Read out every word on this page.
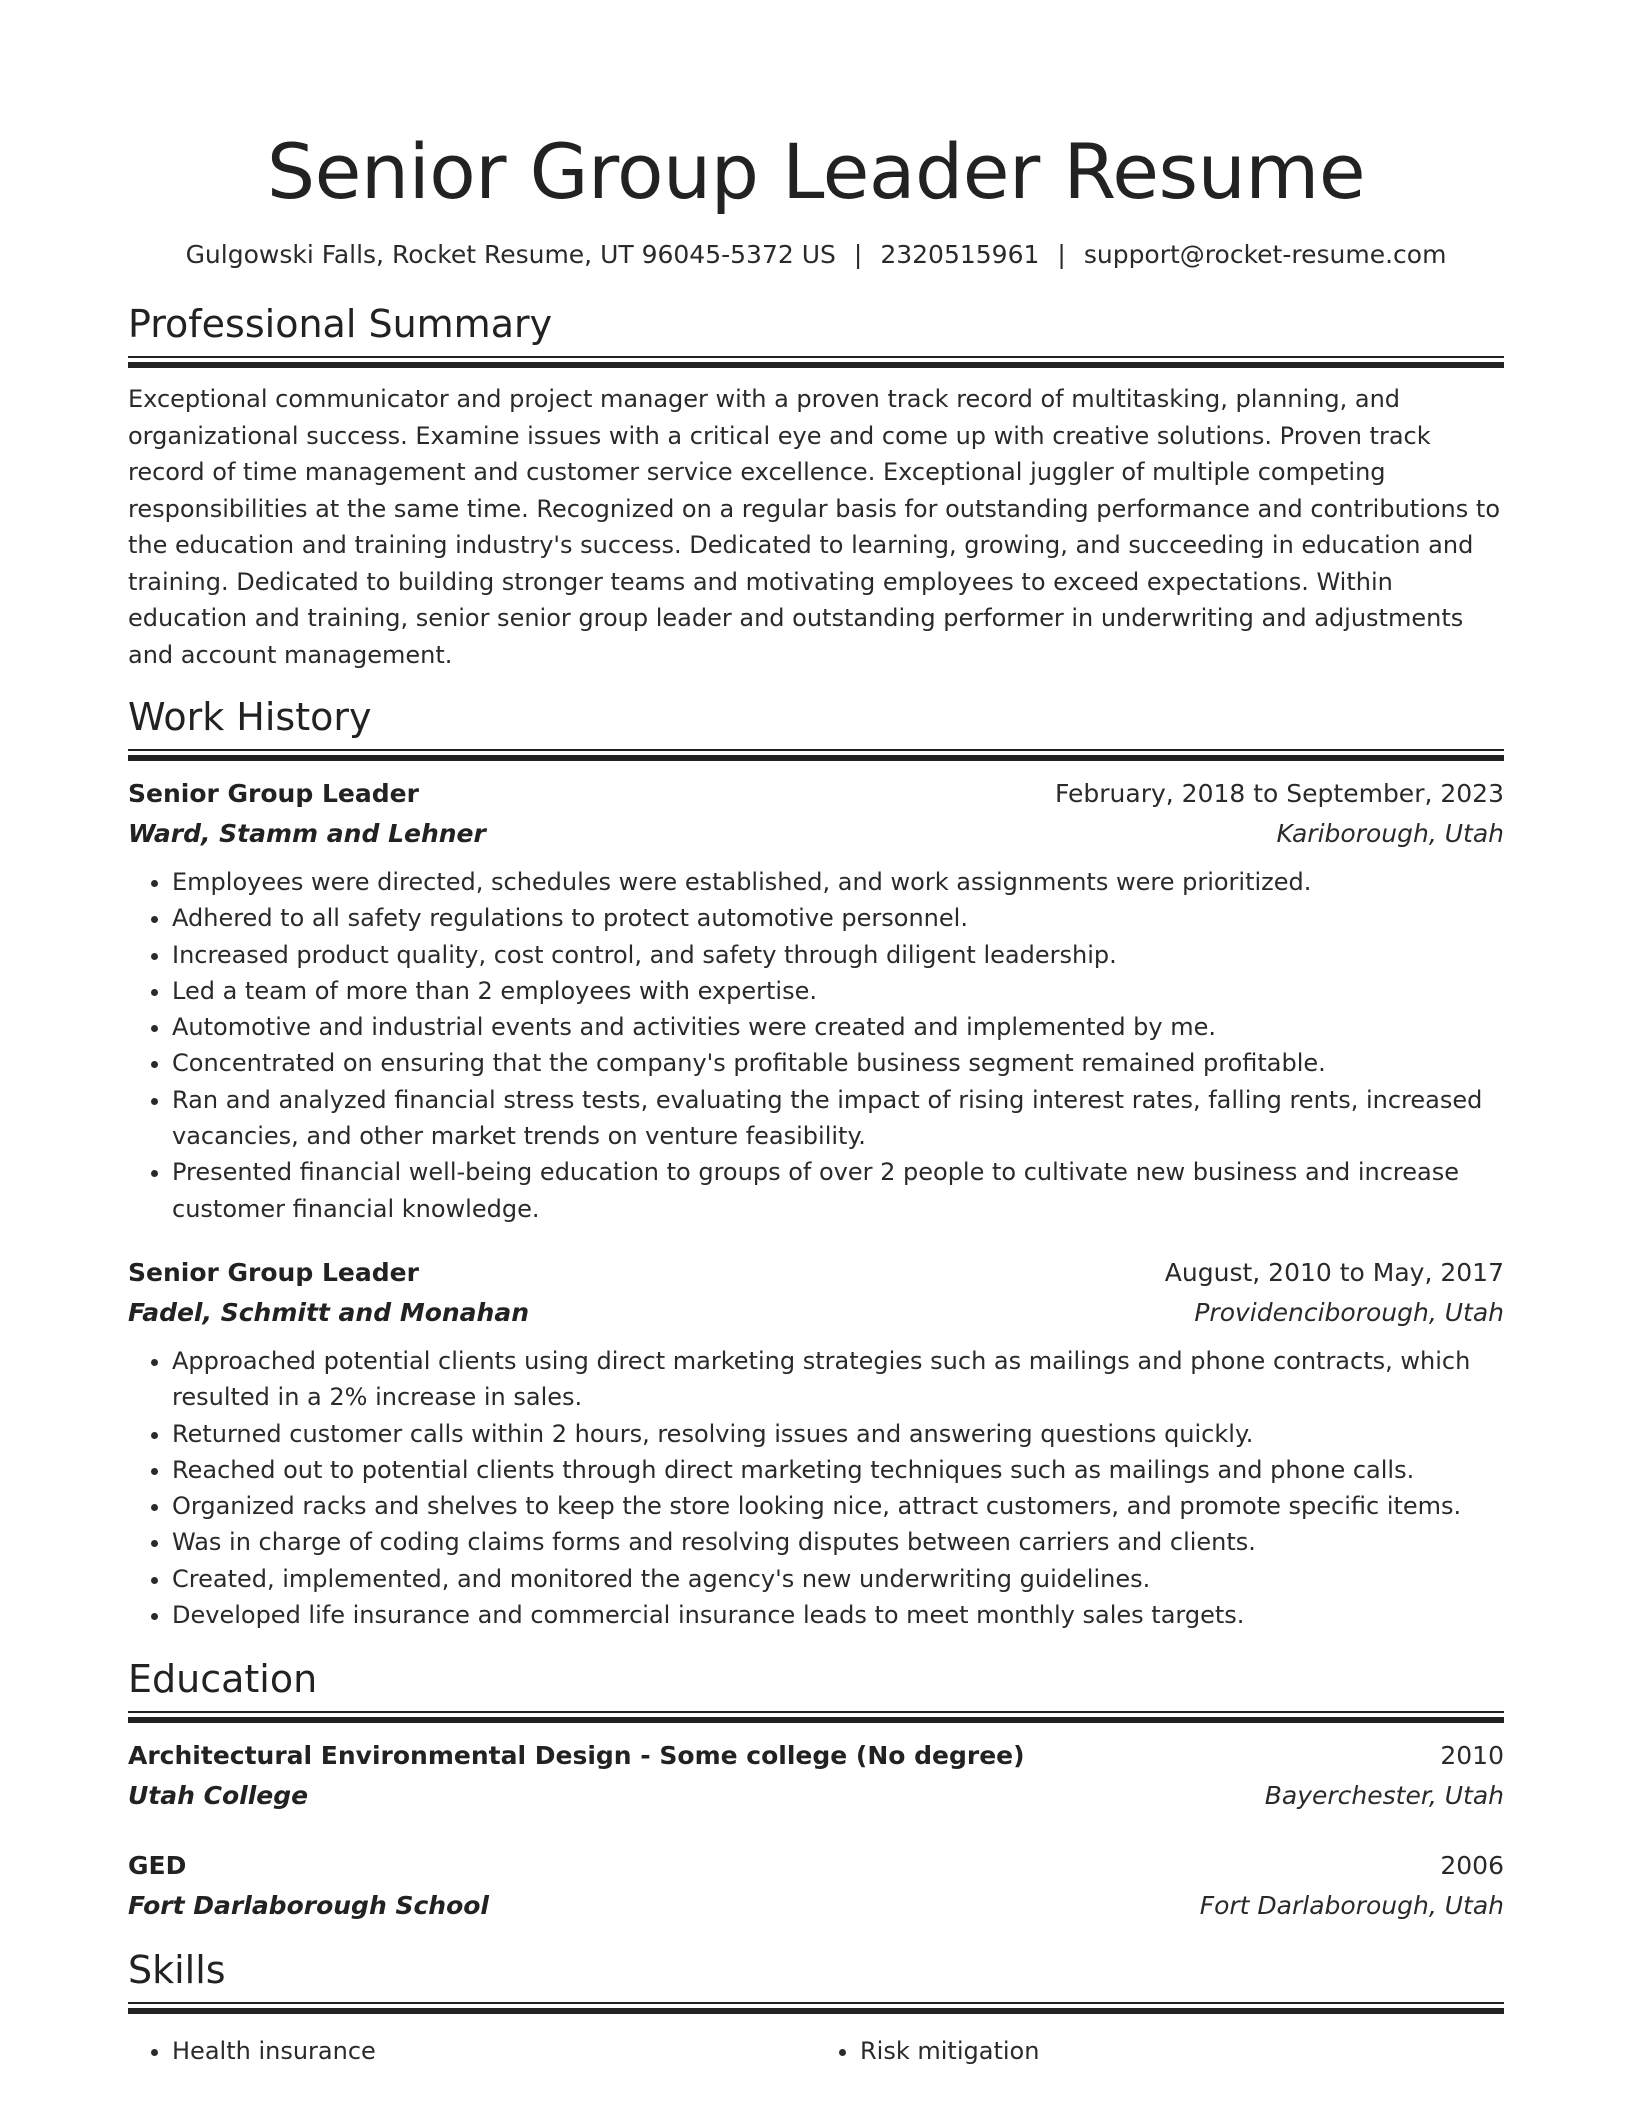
Senior Group Leader Resume
Gulgowski Falls, Rocket Resume, UT 96045-5372 US | 2320515961 | support@rocket-resume.com
Professional Summary

Exceptional communicator and project manager with a proven track record of multitasking, planning, and organizational success. Examine issues with a critical eye and come up with creative solutions. Proven track record of time management and customer service excellence. Exceptional juggler of multiple competing responsibilities at the same time. Recognized on a regular basis for outstanding performance and contributions to the education and training industry's success. Dedicated to learning, growing, and succeeding in education and training. Dedicated to building stronger teams and motivating employees to exceed expectations. Within education and training, senior senior group leader and outstanding performer in underwriting and adjustments and account management.

Work History
Senior Group Leader	February, 2018 to September, 2023
Ward, Stamm and Lehner	Kariborough, Utah
• Employees were directed, schedules were established, and work assignments were prioritized.
• Adhered to all safety regulations to protect automotive personnel.
• Increased product quality, cost control, and safety through diligent leadership.
• Led a team of more than 2 employees with expertise.
• Automotive and industrial events and activities were created and implemented by me.
• Concentrated on ensuring that the company's profitable business segment remained profitable.
• Ran and analyzed financial stress tests, evaluating the impact of rising interest rates, falling rents, increased vacancies, and other market trends on venture feasibility.
• Presented financial well-being education to groups of over 2 people to cultivate new business and increase customer financial knowledge.
Senior Group Leader	August, 2010 to May, 2017
Fadel, Schmitt and Monahan	Providenciborough, Utah
• Approached potential clients using direct marketing strategies such as mailings and phone contracts, which resulted in a 2% increase in sales.
• Returned customer calls within 2 hours, resolving issues and answering questions quickly.
• Reached out to potential clients through direct marketing techniques such as mailings and phone calls.
• Organized racks and shelves to keep the store looking nice, attract customers, and promote specific items.
• Was in charge of coding claims forms and resolving disputes between carriers and clients.
• Created, implemented, and monitored the agency's new underwriting guidelines.
• Developed life insurance and commercial insurance leads to meet monthly sales targets.
Education
Architectural Environmental Design - Some college (No degree)	2010
Utah College	Bayerchester, Utah
GED	2006
Fort Darlaborough School	Fort Darlaborough, Utah
Skills
• Health insurance
•	Risk mitigation
